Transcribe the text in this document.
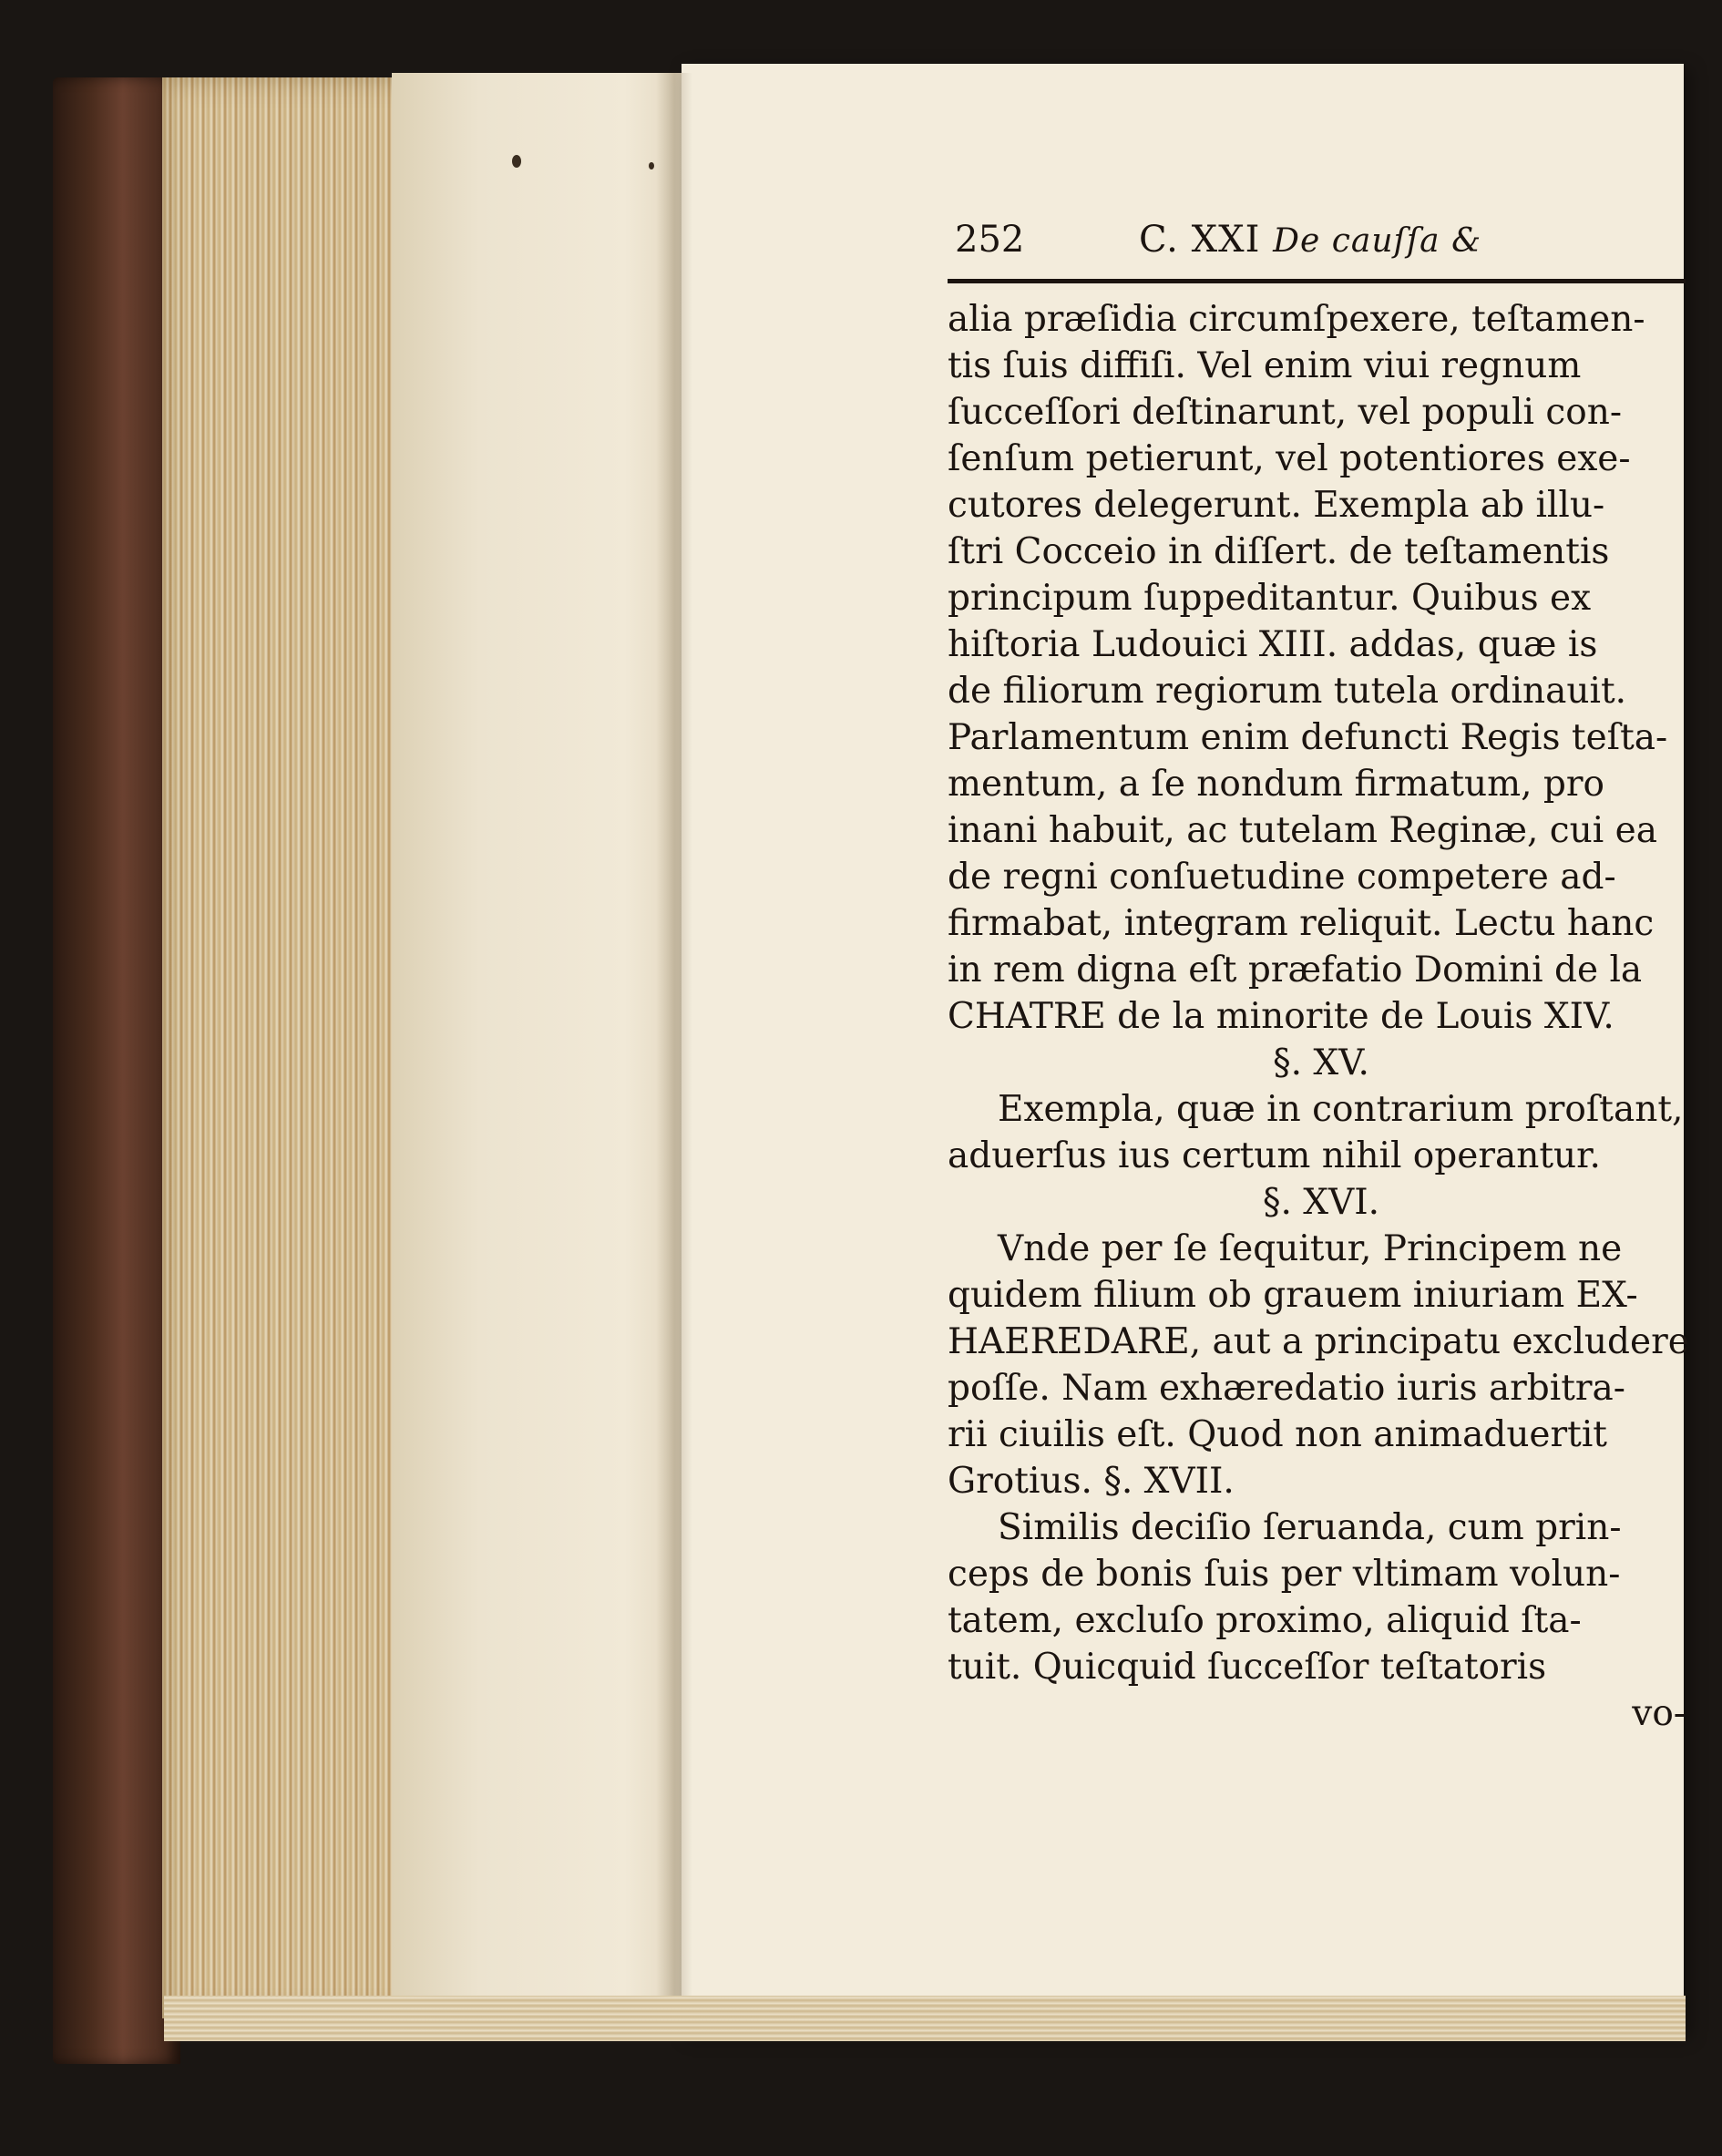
252	C. XXI De cauſſa &
alia præſidia circumſpexere, teſtamen-
tis ſuis diffiſi. Vel enim viui regnum
ſucceſſori deſtinarunt, vel populi con-
ſenſum petierunt, vel potentiores exe-
cutores delegerunt. Exempla ab illu-
ſtri Cocceio in diſſert. de teſtamentis
principum ſuppeditantur. Quibus ex
hiſtoria Ludouici XIII. addas, quæ is
de filiorum regiorum tutela ordinauit.
Parlamentum enim defuncti Regis teſta-
mentum, a ſe nondum firmatum, pro
inani habuit, ac tutelam Reginæ, cui ea
de regni conſuetudine competere ad-
firmabat, integram reliquit. Lectu hanc
in rem digna eſt præfatio Domini de la
CHATRE de la minorite de Louis XIV.
§. XV.
Exempla, quæ in contrarium proſtant,
aduerſus ius certum nihil operantur.
§. XVI.
Vnde per ſe ſequitur, Principem ne
quidem filium ob grauem iniuriam EX-
HAEREDARE, aut a principatu excludere
poſſe. Nam exhæredatio iuris arbitra-
rii ciuilis eſt. Quod non animaduertit
Grotius. §. XVII.
Similis deciſio ſeruanda, cum prin-
ceps de bonis ſuis per vltimam volun-
tatem, excluſo proximo, aliquid ſta-
tuit. Quicquid ſucceſſor teſtatoris
vo-
